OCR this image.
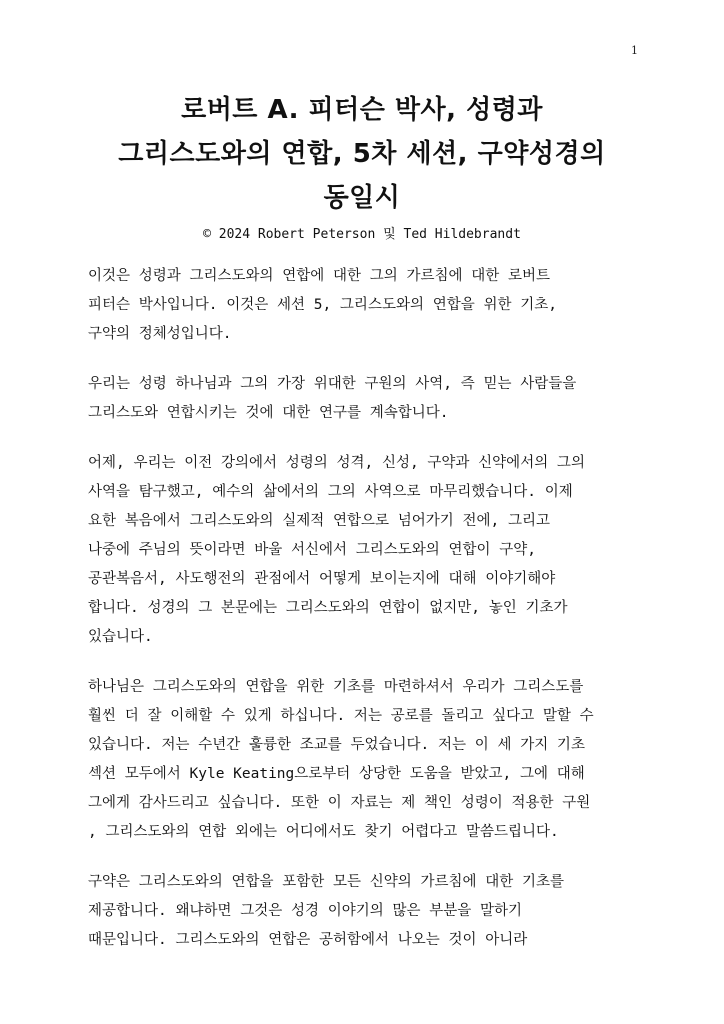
1
로버트 A. 피터슨 박사, 성령과
그리스도와의 연합, 5차 세션, 구약성경의
동일시
© 2024 Robert Peterson 및 Ted Hildebrandt
이것은 성령과 그리스도와의 연합에 대한 그의 가르침에 대한 로버트
피터슨 박사입니다. 이것은 세션 5, 그리스도와의 연합을 위한 기초,
구약의 정체성입니다.
우리는 성령 하나님과 그의 가장 위대한 구원의 사역, 즉 믿는 사람들을
그리스도와 연합시키는 것에 대한 연구를 계속합니다.
어제, 우리는 이전 강의에서 성령의 성격, 신성, 구약과 신약에서의 그의
사역을 탐구했고, 예수의 삶에서의 그의 사역으로 마무리했습니다. 이제
요한 복음에서 그리스도와의 실제적 연합으로 넘어가기 전에, 그리고
나중에 주님의 뜻이라면 바울 서신에서 그리스도와의 연합이 구약,
공관복음서, 사도행전의 관점에서 어떻게 보이는지에 대해 이야기해야
합니다. 성경의 그 본문에는 그리스도와의 연합이 없지만, 놓인 기초가
있습니다.
하나님은 그리스도와의 연합을 위한 기초를 마련하셔서 우리가 그리스도를
훨씬 더 잘 이해할 수 있게 하십니다. 저는 공로를 돌리고 싶다고 말할 수
있습니다. 저는 수년간 훌륭한 조교를 두었습니다. 저는 이 세 가지 기초
섹션 모두에서 Kyle Keating으로부터 상당한 도움을 받았고, 그에 대해
그에게 감사드리고 싶습니다. 또한 이 자료는 제 책인 성령이 적용한 구원
, 그리스도와의 연합 외에는 어디에서도 찾기 어렵다고 말씀드립니다.
구약은 그리스도와의 연합을 포함한 모든 신약의 가르침에 대한 기초를
제공합니다. 왜냐하면 그것은 성경 이야기의 많은 부분을 말하기
때문입니다. 그리스도와의 연합은 공허함에서 나오는 것이 아니라
